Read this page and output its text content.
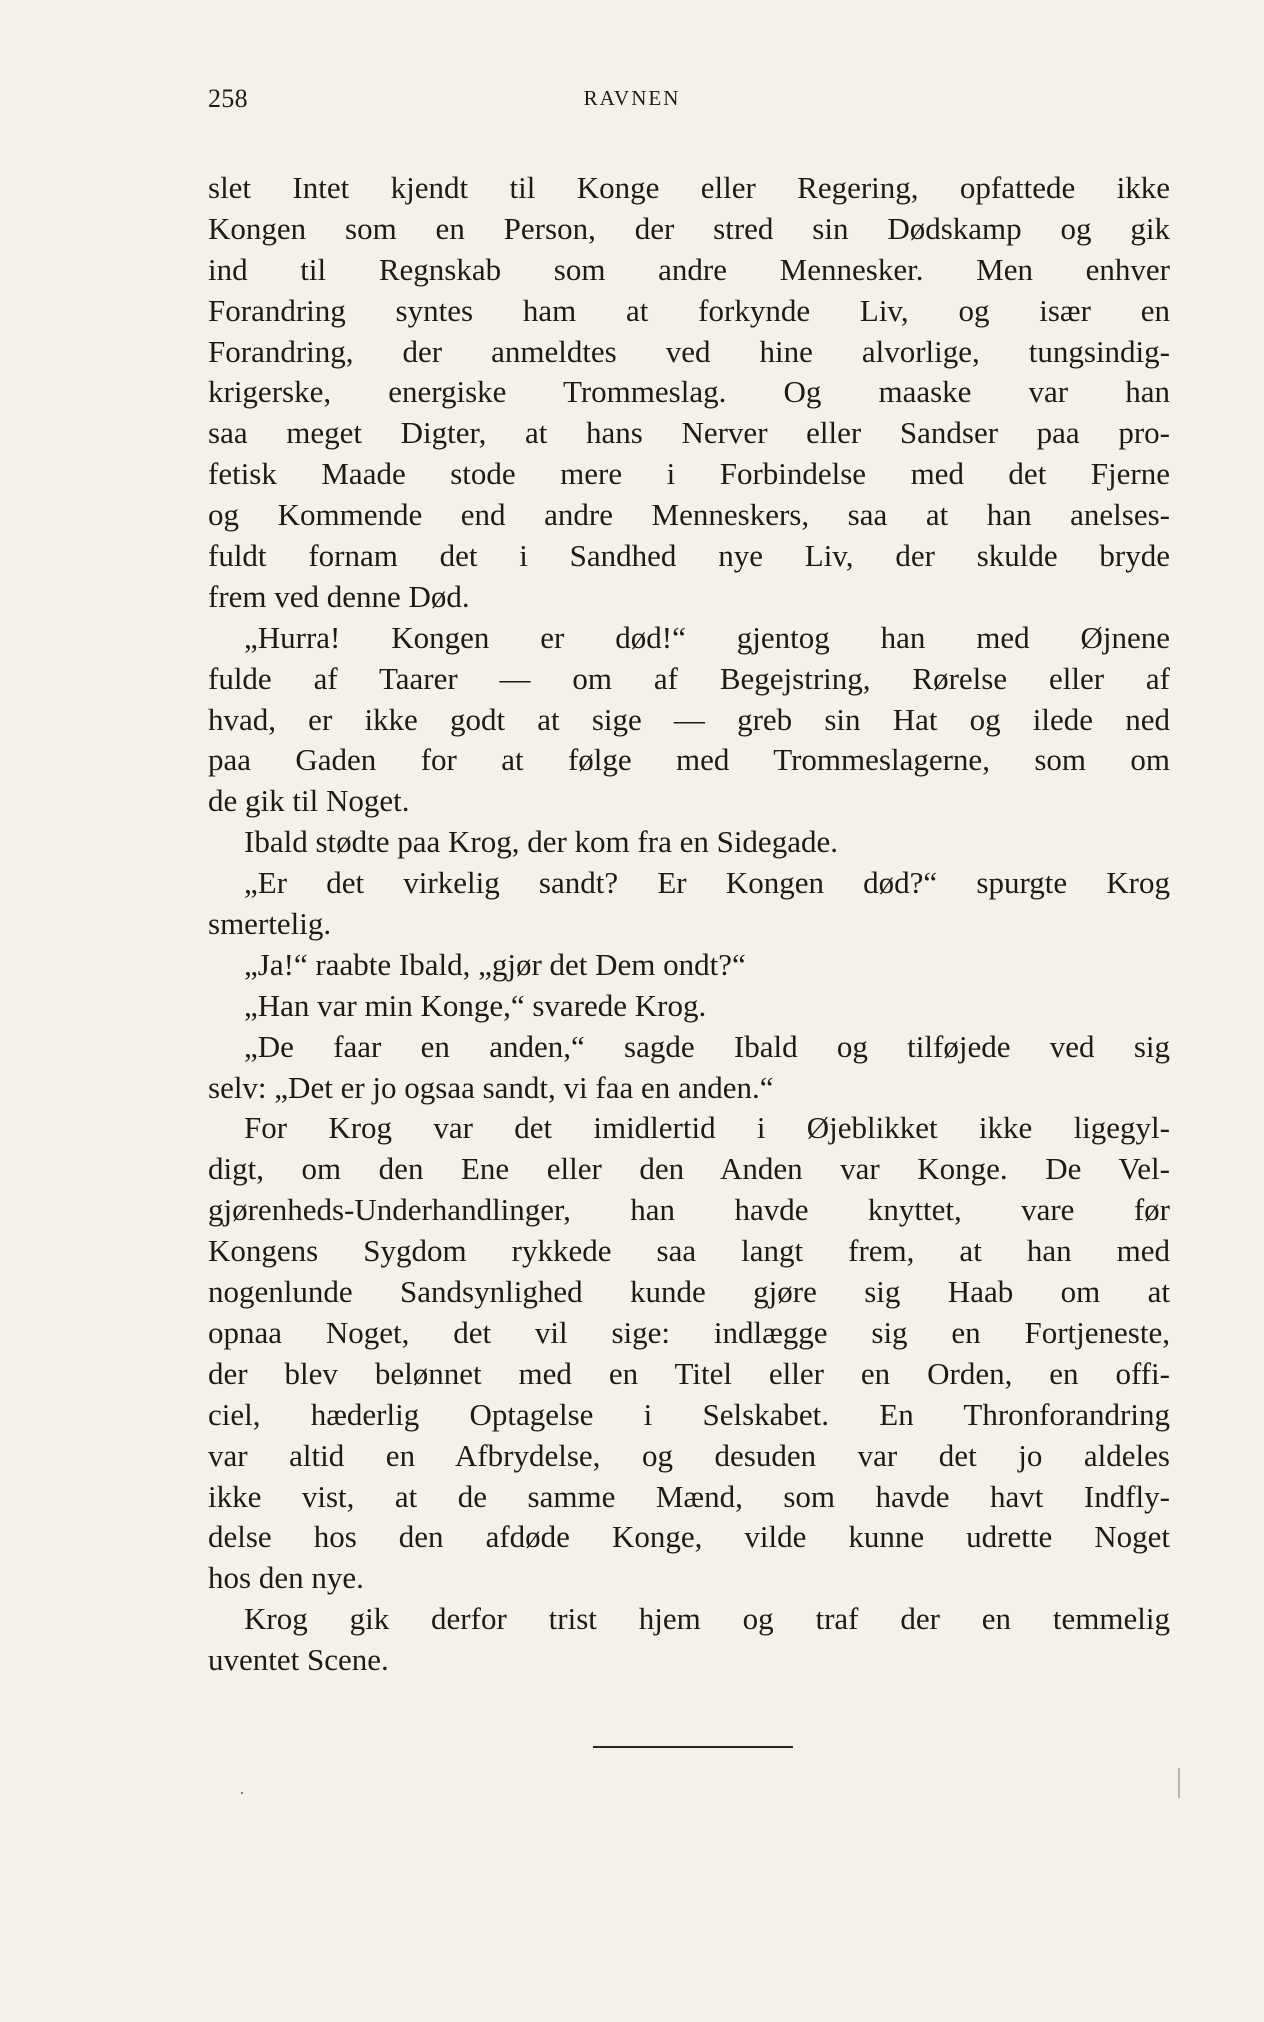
258	RAVNEN
slet Intet kjendt til Konge eller Regering, opfattede ikke
Kongen som en Person, der stred sin Dødskamp og gik
ind til Regnskab som andre Mennesker. Men enhver
Forandring syntes ham at forkynde Liv, og især en
Forandring, der anmeldtes ved hine alvorlige, tungsindig-
krigerske, energiske Trommeslag. Og maaske var han
saa meget Digter, at hans Nerver eller Sandser paa pro-
fetisk Maade stode mere i Forbindelse med det Fjerne
og Kommende end andre Menneskers, saa at han anelses-
fuldt fornam det i Sandhed nye Liv, der skulde bryde
frem ved denne Død.
„Hurra! Kongen er død!“ gjentog han med Øjnene
fulde af Taarer — om af Begejstring, Rørelse eller af
hvad, er ikke godt at sige — greb sin Hat og ilede ned
paa Gaden for at følge med Trommeslagerne, som om
de gik til Noget.
Ibald stødte paa Krog, der kom fra en Sidegade.
„Er det virkelig sandt? Er Kongen død?“ spurgte Krog
smertelig.
„Ja!“ raabte Ibald, „gjør det Dem ondt?“
„Han var min Konge,“ svarede Krog.
„De faar en anden,“ sagde Ibald og tilføjede ved sig
selv: „Det er jo ogsaa sandt, vi faa en anden.“
For Krog var det imidlertid i Øjeblikket ikke ligegyl-
digt, om den Ene eller den Anden var Konge. De Vel-
gjørenheds-Underhandlinger, han havde knyttet, vare før
Kongens Sygdom rykkede saa langt frem, at han med
nogenlunde Sandsynlighed kunde gjøre sig Haab om at
opnaa Noget, det vil sige: indlægge sig en Fortjeneste,
der blev belønnet med en Titel eller en Orden, en offi-
ciel, hæderlig Optagelse i Selskabet. En Thronforandring
var altid en Afbrydelse, og desuden var det jo aldeles
ikke vist, at de samme Mænd, som havde havt Indfly-
delse hos den afdøde Konge, vilde kunne udrette Noget
hos den nye.
Krog gik derfor trist hjem og traf der en temmelig
uventet Scene.
